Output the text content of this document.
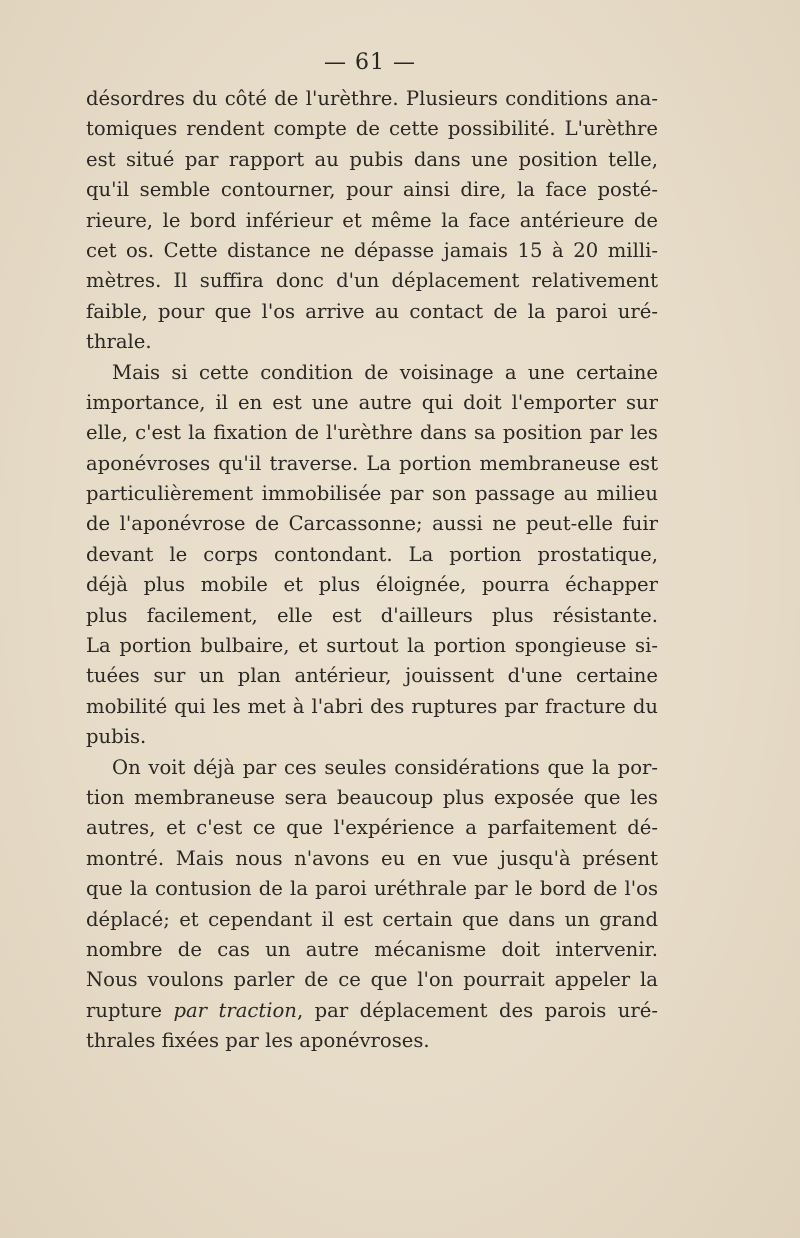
— 61 —
désordres du côté de l'urèthre. Plusieurs conditions ana-
tomiques rendent compte de cette possibilité. L'urèthre
est situé par rapport au pubis dans une position telle,
qu'il semble contourner, pour ainsi dire, la face posté-
rieure, le bord inférieur et même la face antérieure de
cet os. Cette distance ne dépasse jamais 15 à 20 milli-
mètres. Il suffira donc d'un déplacement relativement
faible, pour que l'os arrive au contact de la paroi uré-
thrale.
Mais si cette condition de voisinage a une certaine
importance, il en est une autre qui doit l'emporter sur
elle, c'est la fixation de l'urèthre dans sa position par les
aponévroses qu'il traverse. La portion membraneuse est
particulièrement immobilisée par son passage au milieu
de l'aponévrose de Carcassonne; aussi ne peut-elle fuir
devant le corps contondant. La portion prostatique,
déjà plus mobile et plus éloignée, pourra échapper
plus facilement, elle est d'ailleurs plus résistante.
La portion bulbaire, et surtout la portion spongieuse si-
tuées sur un plan antérieur, jouissent d'une certaine
mobilité qui les met à l'abri des ruptures par fracture du
pubis.
On voit déjà par ces seules considérations que la por-
tion membraneuse sera beaucoup plus exposée que les
autres, et c'est ce que l'expérience a parfaitement dé-
montré. Mais nous n'avons eu en vue jusqu'à présent
que la contusion de la paroi uréthrale par le bord de l'os
déplacé; et cependant il est certain que dans un grand
nombre de cas un autre mécanisme doit intervenir.
Nous voulons parler de ce que l'on pourrait appeler la
rupture par traction, par déplacement des parois uré-
thrales fixées par les aponévroses.
